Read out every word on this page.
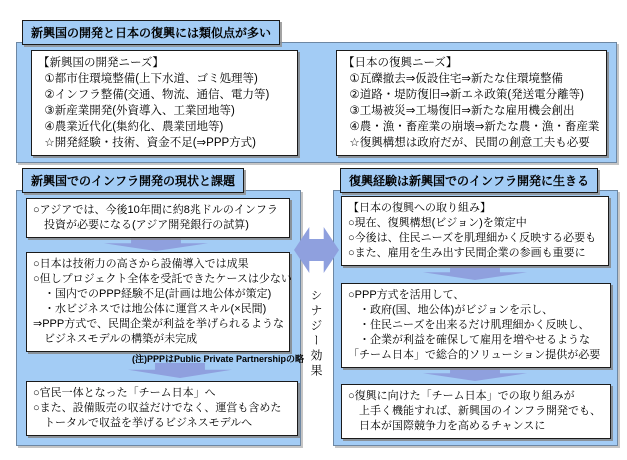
新興国の開発と日本の復興には類似点が多い
【新興国の開発ニーズ】
①都市住環境整備(上下水道、ゴミ処理等)
②インフラ整備(交通、物流、通信、電力等)
③新産業開発(外資導入、工業団地等)
④農業近代化(集約化、農業団地等)
☆開発経験・技術、資金不足(⇒PPP方式)
【日本の復興ニーズ】
①瓦礫撤去⇒仮設住宅⇒新たな住環境整備
②道路・堤防復旧⇒新エネ政策(発送電分離等)
③工場被災⇒工場復旧⇒新たな雇用機会創出
④農・漁・畜産業の崩壊⇒新たな農・漁・畜産業
☆復興構想は政府だが、民間の創意工夫も必要
新興国でのインフラ開発の現状と課題	復興経験は新興国でのインフラ開発に生きる
○アジアでは、今後10年間に約8兆ドルのインフラ
　投資が必要になる(アジア開発銀行の試算)
○日本は技術力の高さから設備導入では成果
○但しプロジェクト全体を受託できたケースは少ない
　・国内でのPPP経験不足(計画は地公体が策定)
　・水ビジネスでは地公体に運営スキル(×民間)
⇒PPP方式で、民間企業が利益を挙げられるような
　ビジネスモデルの構築が未完成
(注)PPPはPublic Private Partnershipの略
○官民一体となった「チーム日本」へ
○また、設備販売の収益だけでなく、運営も含めた
　トータルで収益を挙げるビジネスモデルへ
【日本の復興への取り組み】
○現在、復興構想(ビジョン)を策定中
○今後は、住民ニーズを肌理細かく反映する必要も
○また、雇用を生み出す民間企業の参画も重要に
○PPP方式を活用して、
　・政府(国、地公体)がビジョンを示し、
　・住民ニーズを出来るだけ肌理細かく反映し、
　・企業が利益を確保して雇用を増やせるような
「チーム日本」で総合的ソリューション提供が必要
○復興に向けた「チーム日本」での取り組みが
　上手く機能すれば、新興国のインフラ開発でも、
　日本が国際競争力を高めるチャンスに
シナジー効果
